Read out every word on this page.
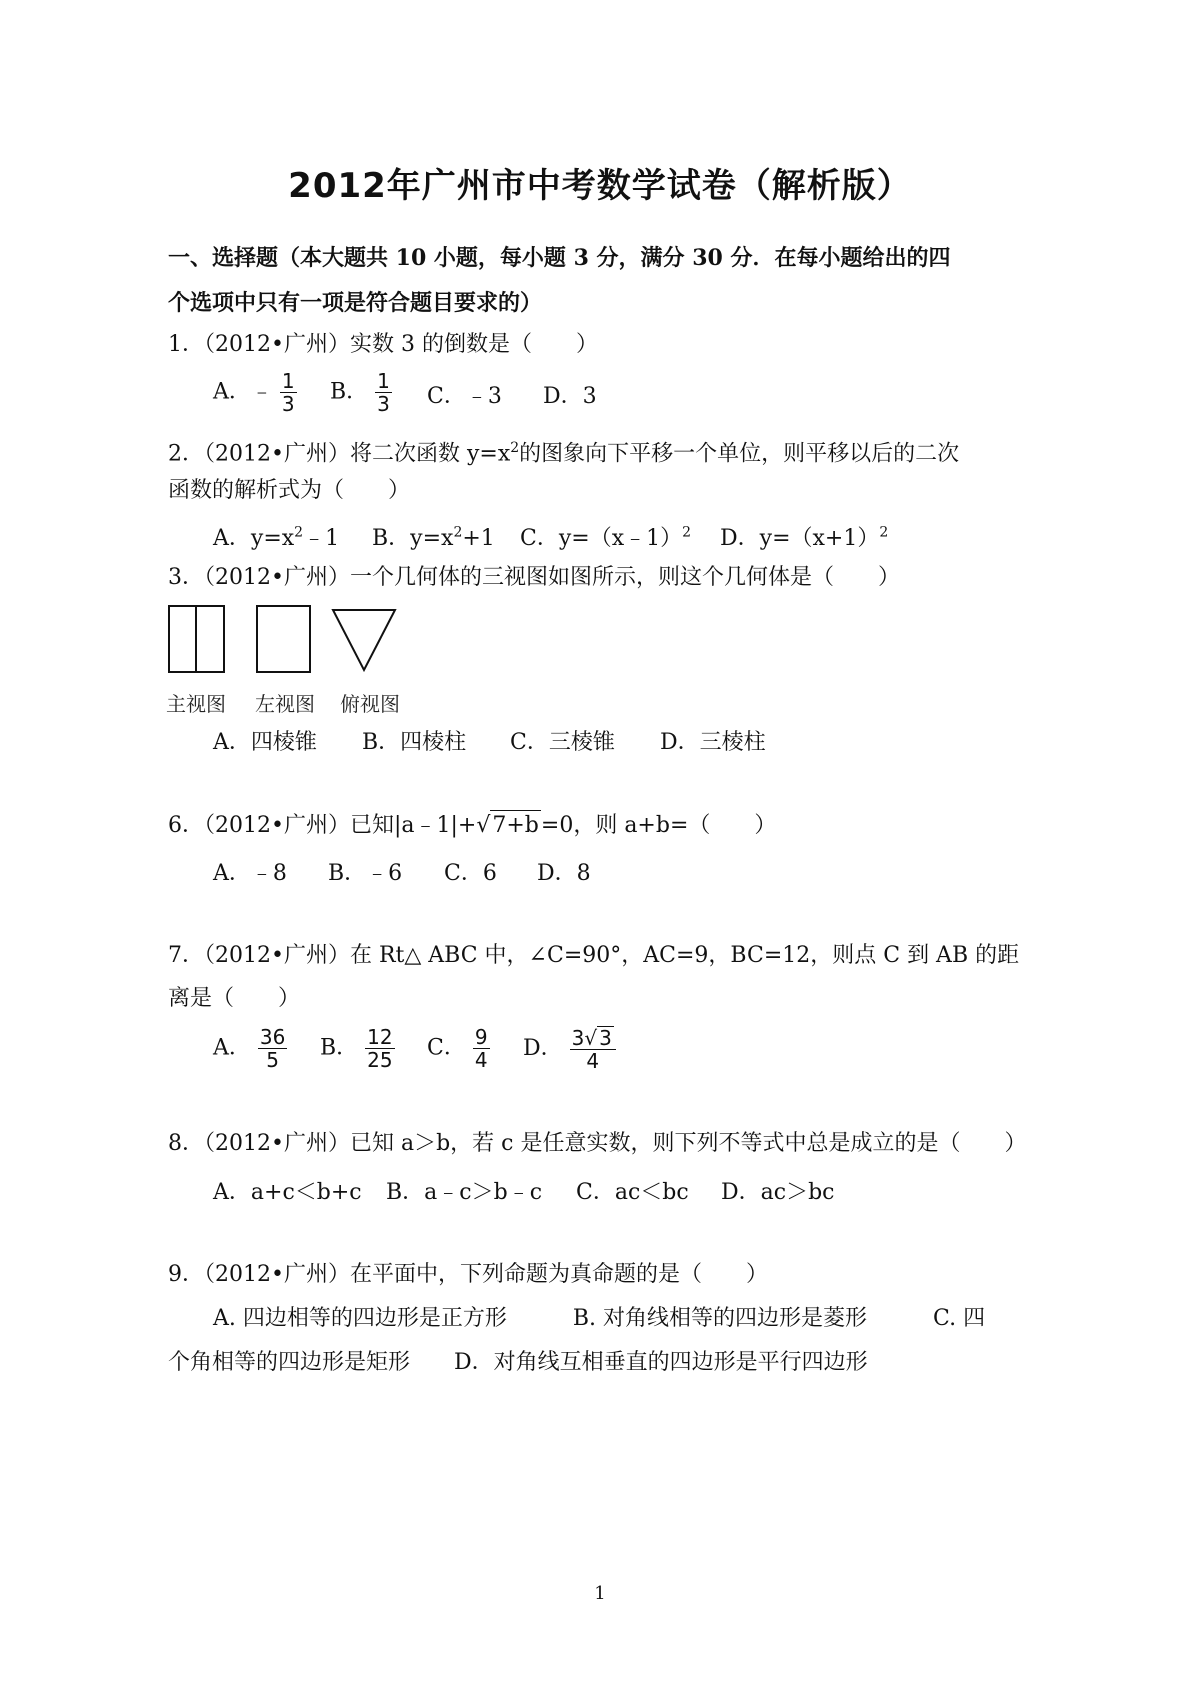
2012年广州市中考数学试卷（解析版）
一、选择题（本大题共 10 小题，每小题 3 分，满分 30 分．在每小题给出的四
个选项中只有一项是符合题目要求的）
1．（2012•广州）实数 3 的倒数是（　　）
A．﹣ $\frac{1}{3}$ B． $\frac{1}{3}$ C．﹣3 D．3
2．（2012•广州）将二次函数 $y=x^2$的图象向下平移一个单位，则平移以后的二次
函数的解析式为（　　）
A．$y=x^2﹣1$ B．$y=x^2+1$ C．y=（x﹣1）$^2$ D．$y=(x+1)^2$
3．（2012•广州）一个几何体的三视图如图所示，则这个几何体是（　　）
主视图 左视图 俯视图
A．四棱锥 B．四棱柱 C．三棱锥 D．三棱柱
6．（2012•广州）已知|a﹣1|+√7+b=0，则 a+b=（　　）
A．﹣8 B．﹣6 C．6 D．8
7．（2012•广州）在 Rt△ ABC 中，∠C=90°，AC=9，BC=12，则点 C 到 AB 的距
离是（　　）
A． $\frac{36}{5}$ B． $\frac{12}{25}$ C． $\frac{9}{4}$ D． $\frac{3√ 3}{4}$
8．（2012•广州）已知 a＞b，若 c 是任意实数，则下列不等式中总是成立的是（　　）
A．a+c＜b+c B．a﹣c＞b﹣c C．ac＜bc D．ac＞bc
9．（2012•广州）在平面中，下列命题为真命题的是（　　）
A. 四边相等的四边形是正方形　　　B. 对角线相等的四边形是菱形　　　C. 四
个角相等的四边形是矩形　　D．对角线互相垂直的四边形是平行四边形
1
